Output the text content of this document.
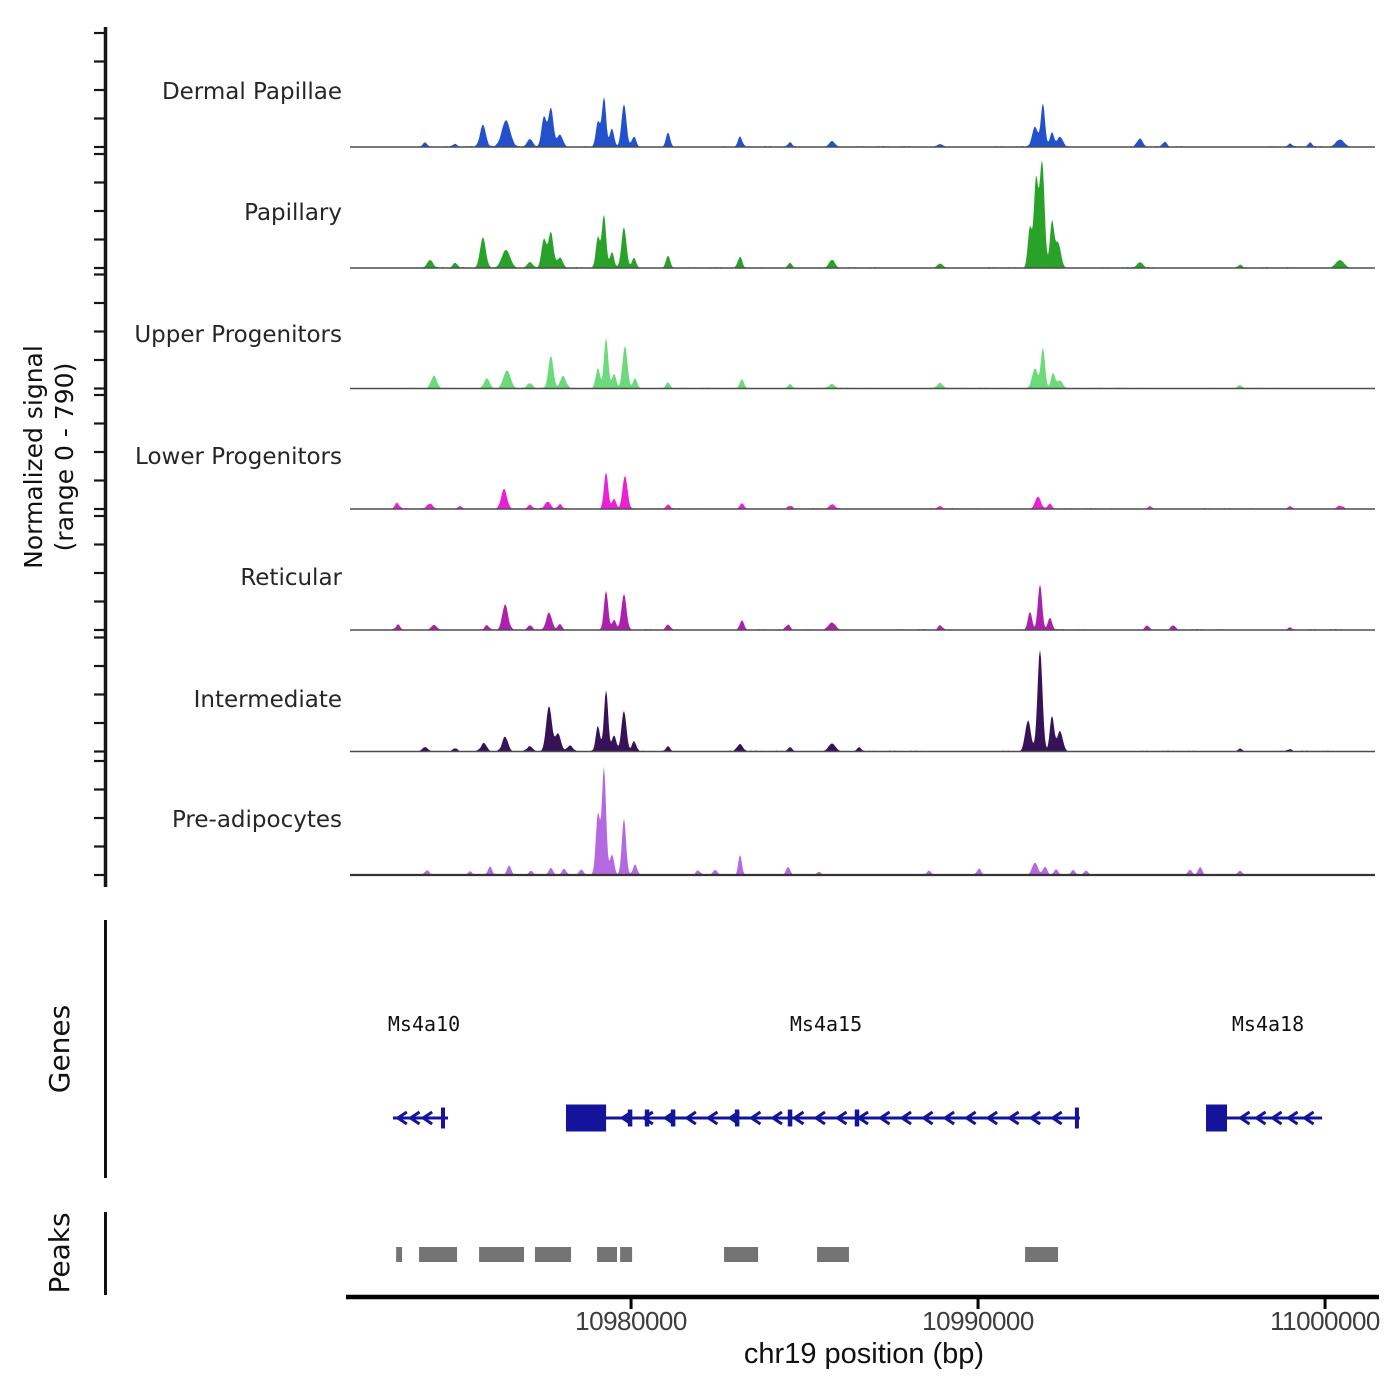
Normalized signal (range 0 - 790)
Dermal Papillae
Papillary
Upper Progenitors
Lower Progenitors
Reticular
Intermediate
Pre-adipocytes
Genes
Peaks
Ms4a10	Ms4a15	Ms4a18
10980000	10990000	11000000
chr19 position (bp)
